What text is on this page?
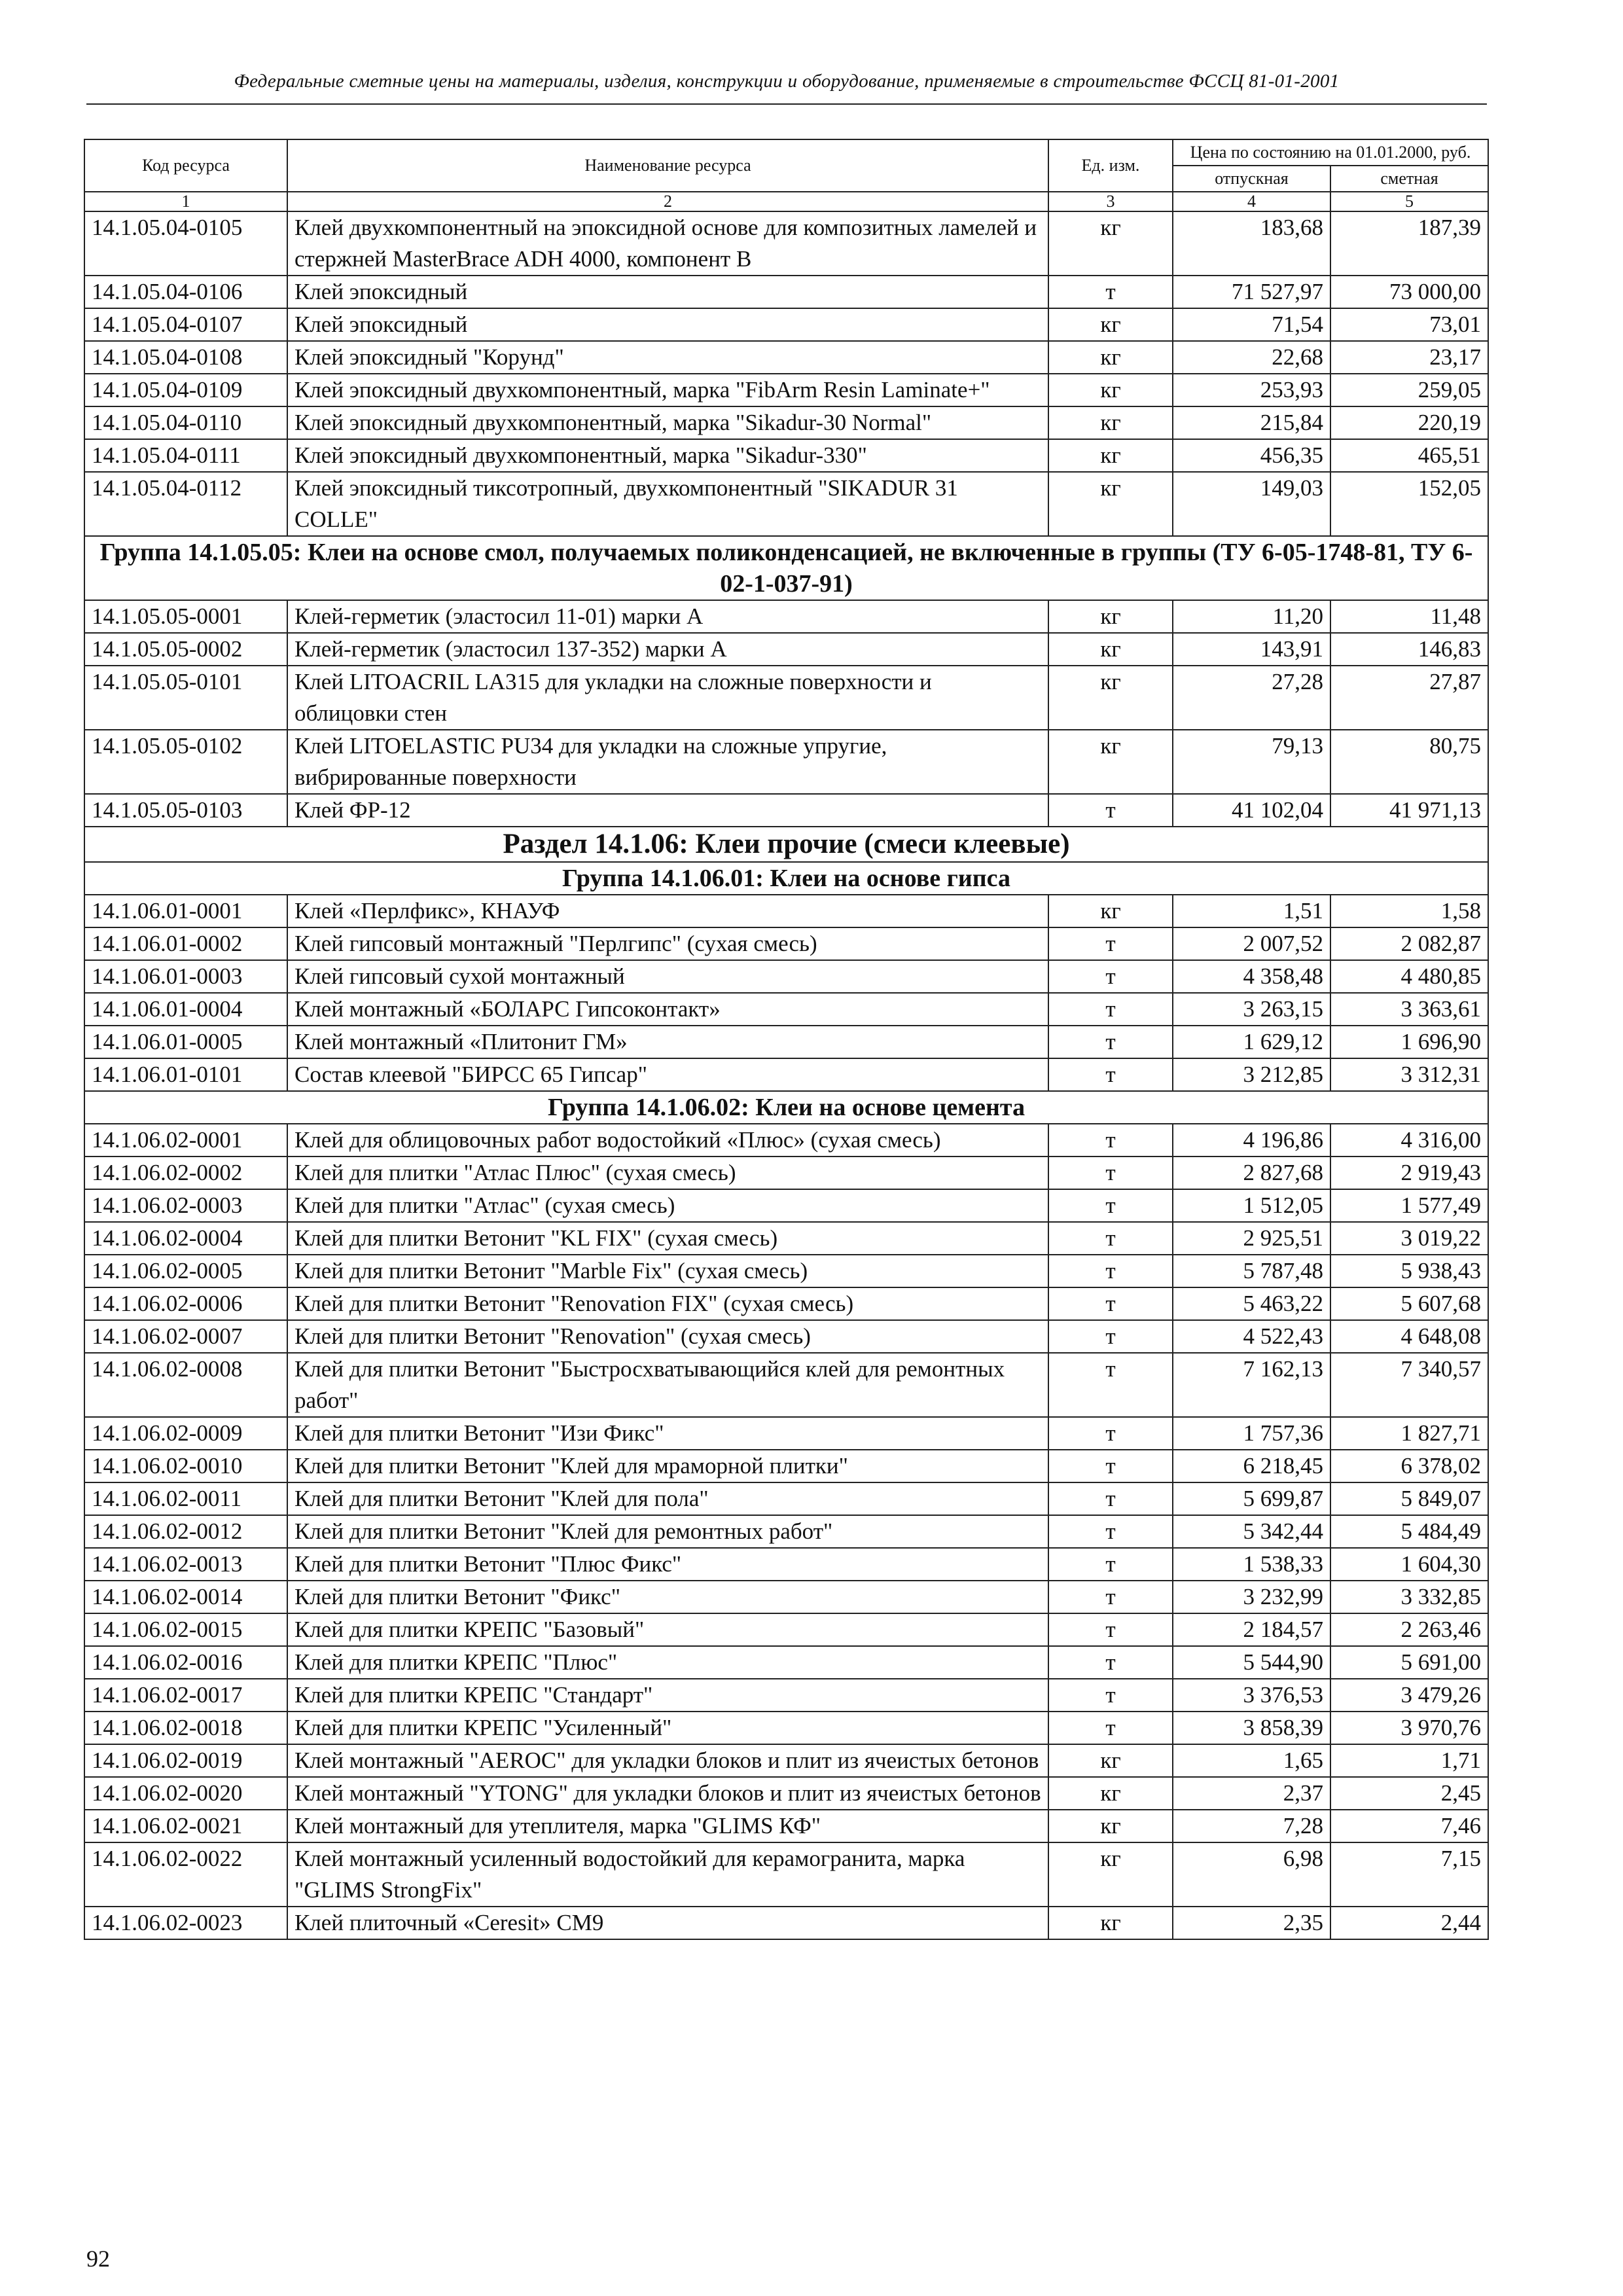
Федеральные сметные цены на материалы, изделия, конструкции и оборудование, применяемые в строительстве ФССЦ 81-01-2001
Код ресурса	Наименование ресурса	Ед. изм.	Цена по состоянию на 01.01.2000, руб.	
			отпускная	сметная
1	2	3	4	5
14.1.05.04-0105	Клей двухкомпонентный на эпоксидной основе для композитных ламелей и стержней MasterBrace ADH 4000, компонент В	кг	183,68	187,39
14.1.05.04-0106	Клей эпоксидный	т	71 527,97	73 000,00
14.1.05.04-0107	Клей эпоксидный	кг	71,54	73,01
14.1.05.04-0108	Клей эпоксидный "Корунд"	кг	22,68	23,17
14.1.05.04-0109	Клей эпоксидный двухкомпонентный, марка "FibArm Resin Laminate+"	кг	253,93	259,05
14.1.05.04-0110	Клей эпоксидный двухкомпонентный, марка "Sikadur-30 Normal"	кг	215,84	220,19
14.1.05.04-0111	Клей эпоксидный двухкомпонентный, марка "Sikadur-330"	кг	456,35	465,51
14.1.05.04-0112	Клей эпоксидный тиксотропный, двухкомпонентный "SIKADUR 31 COLLE"	кг	149,03	152,05
Группа 14.1.05.05: Клеи на основе смол, получаемых поликонденсацией, не включенные в группы (ТУ 6-05-1748-81, ТУ 6-02-1-037-91)				
14.1.05.05-0001	Клей-герметик (эластосил 11-01) марки А	кг	11,20	11,48
14.1.05.05-0002	Клей-герметик (эластосил 137-352) марки А	кг	143,91	146,83
14.1.05.05-0101	Клей LITOACRIL LA315 для укладки на сложные поверхности и облицовки стен	кг	27,28	27,87
14.1.05.05-0102	Клей LITOELASTIC PU34 для укладки на сложные упругие, вибрированные поверхности	кг	79,13	80,75
14.1.05.05-0103	Клей ФР-12	т	41 102,04	41 971,13
Раздел 14.1.06: Клеи прочие (смеси клеевые)				
Группа 14.1.06.01: Клеи на основе гипса				
14.1.06.01-0001	Клей «Перлфикс», КНАУФ	кг	1,51	1,58
14.1.06.01-0002	Клей гипсовый монтажный "Перлгипс" (сухая смесь)	т	2 007,52	2 082,87
14.1.06.01-0003	Клей гипсовый сухой монтажный	т	4 358,48	4 480,85
14.1.06.01-0004	Клей монтажный «БОЛАРС Гипсоконтакт»	т	3 263,15	3 363,61
14.1.06.01-0005	Клей монтажный «Плитонит ГМ»	т	1 629,12	1 696,90
14.1.06.01-0101	Состав клеевой "БИРСС 65 Гипсар"	т	3 212,85	3 312,31
Группа 14.1.06.02: Клеи на основе цемента				
14.1.06.02-0001	Клей для облицовочных работ водостойкий «Плюс» (сухая смесь)	т	4 196,86	4 316,00
14.1.06.02-0002	Клей для плитки "Атлас Плюс" (сухая смесь)	т	2 827,68	2 919,43
14.1.06.02-0003	Клей для плитки "Атлас" (сухая смесь)	т	1 512,05	1 577,49
14.1.06.02-0004	Клей для плитки Ветонит "KL FIX" (сухая смесь)	т	2 925,51	3 019,22
14.1.06.02-0005	Клей для плитки Ветонит "Marble Fix" (сухая смесь)	т	5 787,48	5 938,43
14.1.06.02-0006	Клей для плитки Ветонит "Renovation FIX" (сухая смесь)	т	5 463,22	5 607,68
14.1.06.02-0007	Клей для плитки Ветонит "Renovation" (сухая смесь)	т	4 522,43	4 648,08
14.1.06.02-0008	Клей для плитки Ветонит "Быстросхватывающийся клей для ремонтных работ"	т	7 162,13	7 340,57
14.1.06.02-0009	Клей для плитки Ветонит "Изи Фикс"	т	1 757,36	1 827,71
14.1.06.02-0010	Клей для плитки Ветонит "Клей для мраморной плитки"	т	6 218,45	6 378,02
14.1.06.02-0011	Клей для плитки Ветонит "Клей для пола"	т	5 699,87	5 849,07
14.1.06.02-0012	Клей для плитки Ветонит "Клей для ремонтных работ"	т	5 342,44	5 484,49
14.1.06.02-0013	Клей для плитки Ветонит "Плюс Фикс"	т	1 538,33	1 604,30
14.1.06.02-0014	Клей для плитки Ветонит "Фикс"	т	3 232,99	3 332,85
14.1.06.02-0015	Клей для плитки КРЕПС "Базовый"	т	2 184,57	2 263,46
14.1.06.02-0016	Клей для плитки КРЕПС "Плюс"	т	5 544,90	5 691,00
14.1.06.02-0017	Клей для плитки КРЕПС "Стандарт"	т	3 376,53	3 479,26
14.1.06.02-0018	Клей для плитки КРЕПС "Усиленный"	т	3 858,39	3 970,76
14.1.06.02-0019	Клей монтажный "AEROC" для укладки блоков и плит из ячеистых бетонов	кг	1,65	1,71
14.1.06.02-0020	Клей монтажный "YTONG" для укладки блоков и плит из ячеистых бетонов	кг	2,37	2,45
14.1.06.02-0021	Клей монтажный для утеплителя, марка "GLIMS КФ"	кг	7,28	7,46
14.1.06.02-0022	Клей монтажный усиленный водостойкий для керамогранита, марка "GLIMS StrongFix"	кг	6,98	7,15
14.1.06.02-0023	Клей плиточный «Ceresit» CM9	кг	2,35	2,44
92
